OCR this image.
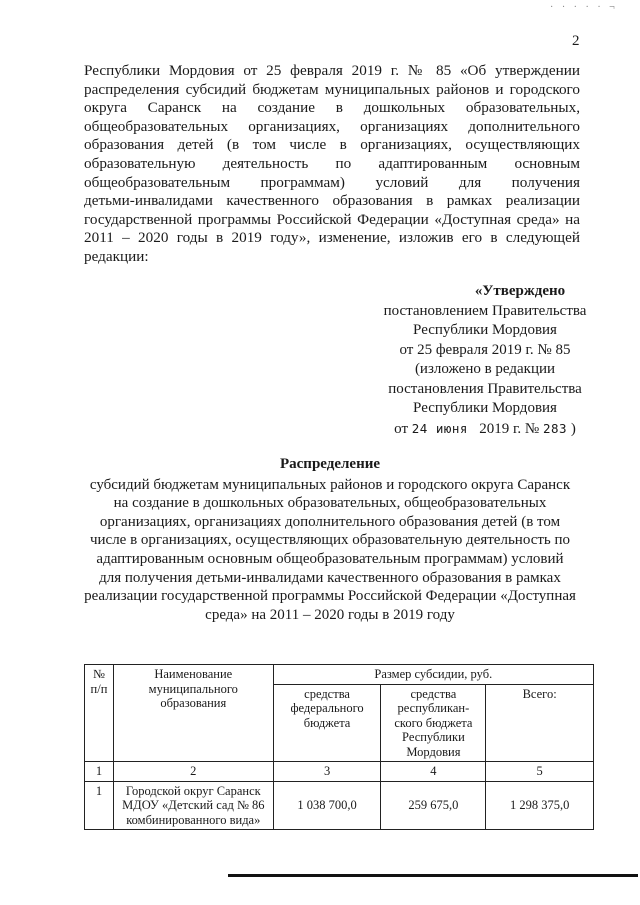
· · · · · ¬
2
Республики Мордовия от 25 февраля 2019 г. № 85 «Об утверждении
распределения субсидий бюджетам муниципальных районов и городского
округа Саранск на создание в дошкольных образовательных,
общеобразовательных организациях, организациях дополнительного
образования детей (в том числе в организациях, осуществляющих
образовательную деятельность по адаптированным основным
общеобразовательным программам) условий для получения
детьми-инвалидами качественного образования в рамках реализации
государственной программы Российской Федерации «Доступная среда» на
2011 – 2020 годы в 2019 году», изменение, изложив его в следующей
редакции:
«Утверждено
постановлением Правительства
Республики Мордовия
от 25 февраля 2019 г. № 85
(изложено в редакции
постановления Правительства
Республики Мордовия
от 24 июня 2019 г. № 283 )
Распределение
субсидий бюджетам муниципальных районов и городского округа Саранск
на создание в дошкольных образовательных, общеобразовательных
организациях, организациях дополнительного образования детей (в том
числе в организациях, осуществляющих образовательную деятельность по
адаптированным основным общеобразовательным программам) условий
для получения детьми-инвалидами качественного образования в рамках
реализации государственной программы Российской Федерации «Доступная
среда» на 2011 – 2020 годы в 2019 году
№ п/п	Наименование муниципального образования	Размер субсидии, руб.		
		средства федерального бюджета	средства республикан-ского бюджета Республики Мордовия	Всего:
1	2	3	4	5
1	Городской округ Саранск МДОУ «Детский сад № 86 комбинированного вида»	1 038 700,0	259 675,0	1 298 375,0
